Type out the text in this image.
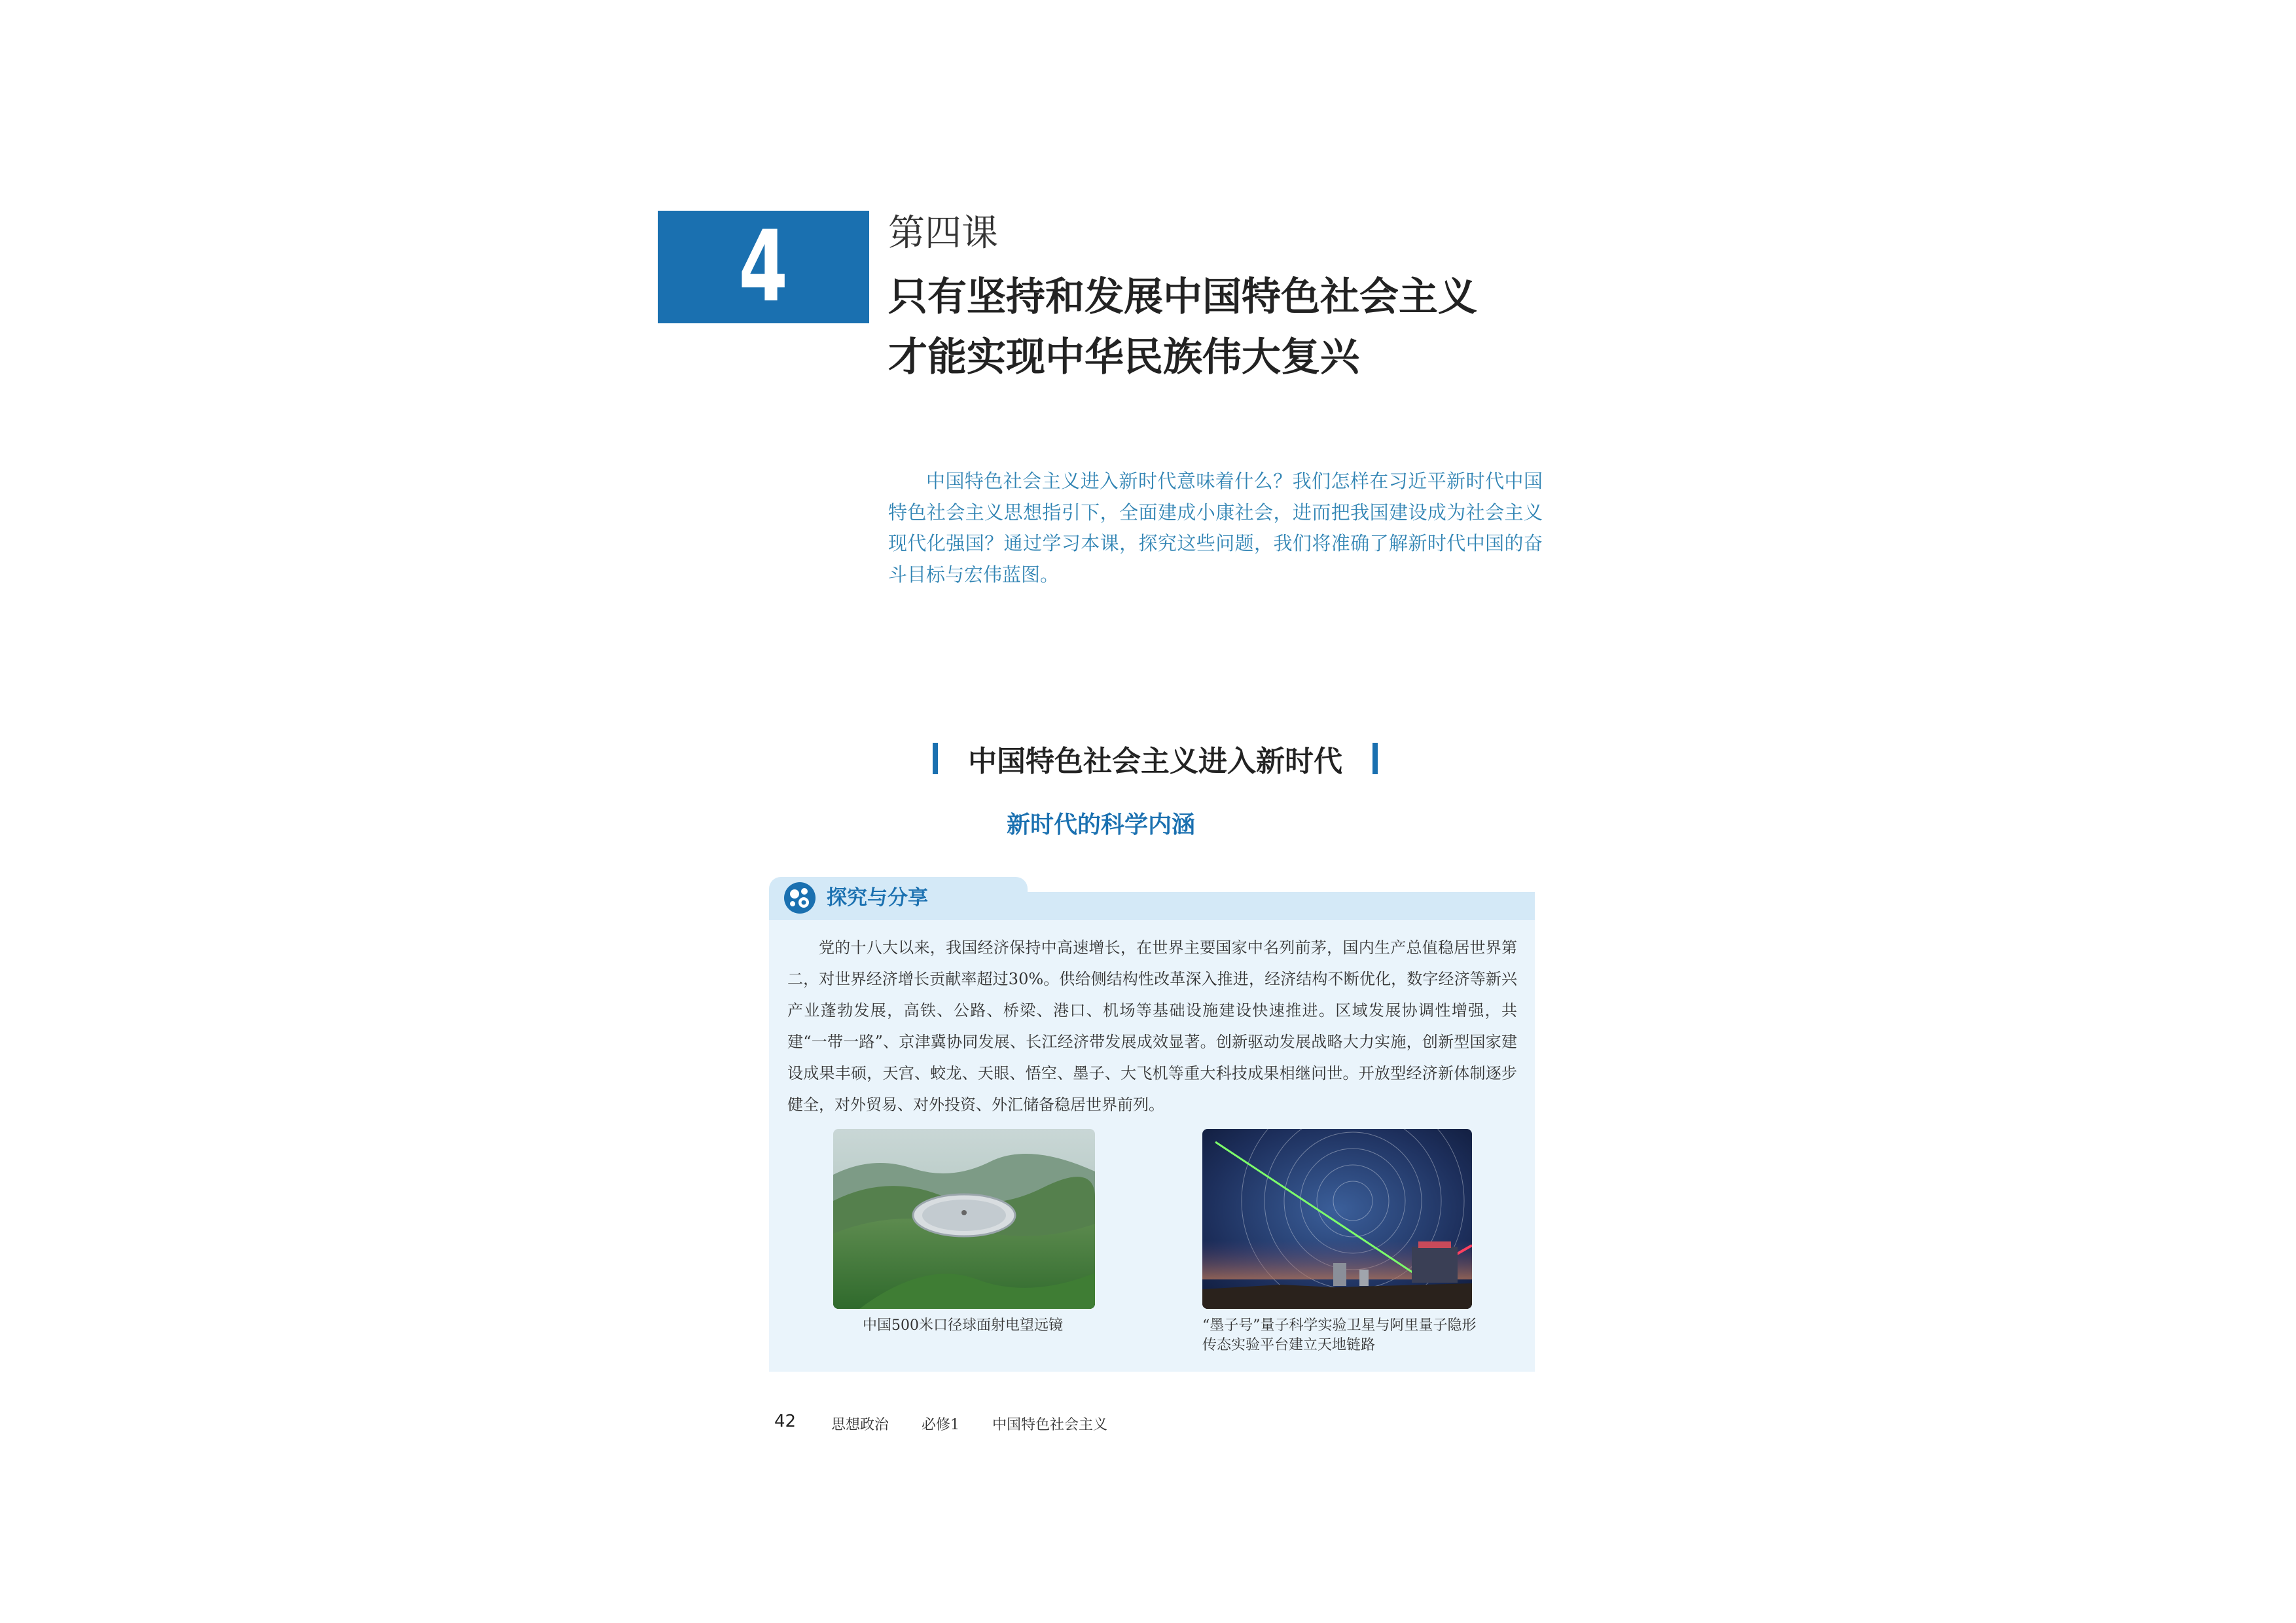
4	第四课
只有坚持和发展中国特色社会主义
才能实现中华民族伟大复兴

中国特色社会主义进入新时代意味着什么？我们怎样在习近平新时代中国特色社会主义思想指引下，全面建成小康社会，进而把我国建设成为社会主义现代化强国？通过学习本课，探究这些问题，我们将准确了解新时代中国的奋斗目标与宏伟蓝图。

中国特色社会主义进入新时代
新时代的科学内涵
探究与分享

党的十八大以来，我国经济保持中高速增长，在世界主要国家中名列前茅，国内生产总值稳居世界第二，对世界经济增长贡献率超过30%。供给侧结构性改革深入推进，经济结构不断优化，数字经济等新兴产业蓬勃发展，高铁、公路、桥梁、港口、机场等基础设施建设快速推进。区域发展协调性增强，共建“一带一路”、京津冀协同发展、长江经济带发展成效显著。创新驱动发展战略大力实施，创新型国家建设成果丰硕，天宫、蛟龙、天眼、悟空、墨子、大飞机等重大科技成果相继问世。开放型经济新体制逐步健全，对外贸易、对外投资、外汇储备稳居世界前列。

中国500米口径球面射电望远镜	“墨子号”量子科学实验卫星与阿里量子隐形传态实验平台建立天地链路
42 思想政治  必修1  中国特色社会主义
